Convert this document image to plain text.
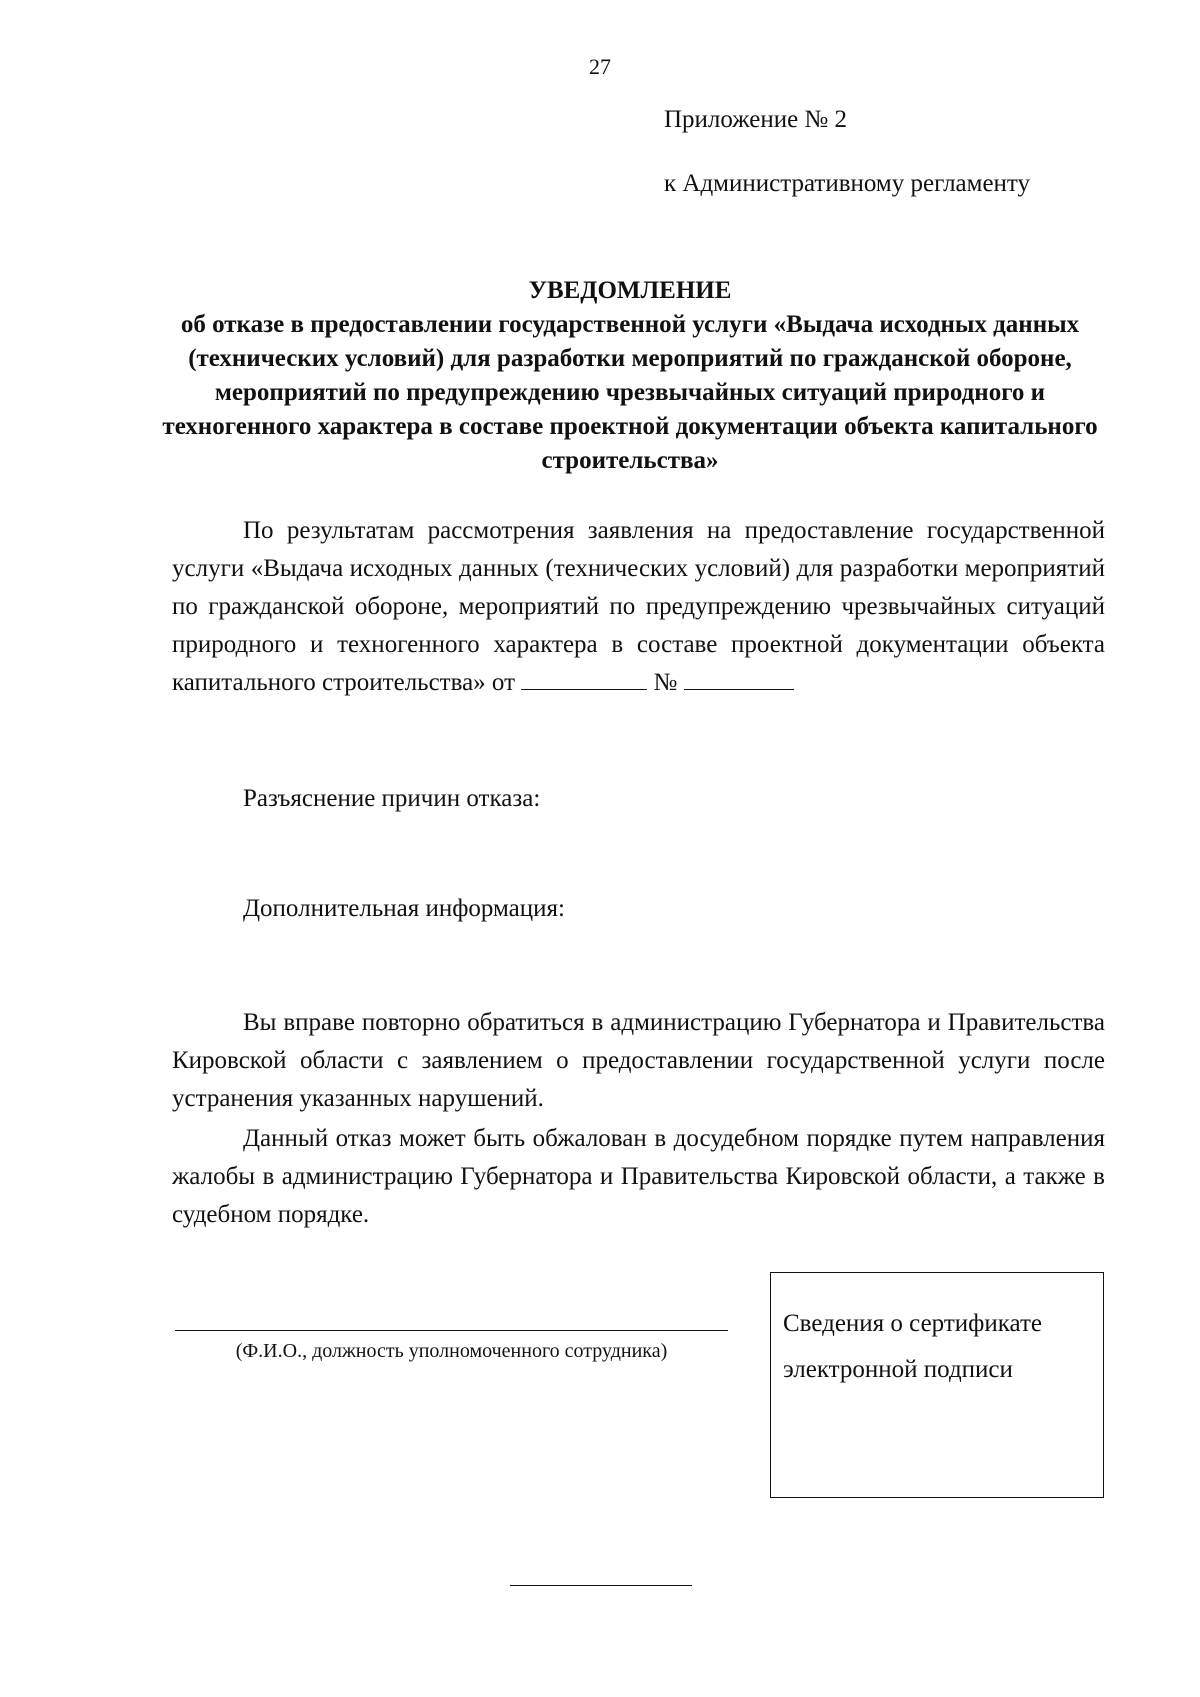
27
Приложение № 2
к Административному регламенту
УВЕДОМЛЕНИЕ
об отказе в предоставлении государственной услуги «Выдача исходных данных (технических условий) для разработки мероприятий по гражданской обороне, мероприятий по предупреждению чрезвычайных ситуаций природного и техногенного характера в составе проектной документации объекта капитального строительства»

По результатам рассмотрения заявления на предоставление государственной услуги «Выдача исходных данных (технических условий) для разработки мероприятий по гражданской обороне, мероприятий по предупреждению чрезвычайных ситуаций природного и техногенного характера в составе проектной документации объекта капитального строительства» от	№

Разъяснение причин отказа:

Дополнительная информация:

Вы вправе повторно обратиться в администрацию Губернатора и Правительства Кировской области с заявлением о предоставлении государственной услуги после устранения указанных нарушений.

Данный отказ может быть обжалован в досудебном порядке путем направления жалобы в администрацию Губернатора и Правительства Кировской области, а также в судебном порядке.

(Ф.И.О., должность уполномоченного сотрудника)

Сведения о сертификате электронной подписи
